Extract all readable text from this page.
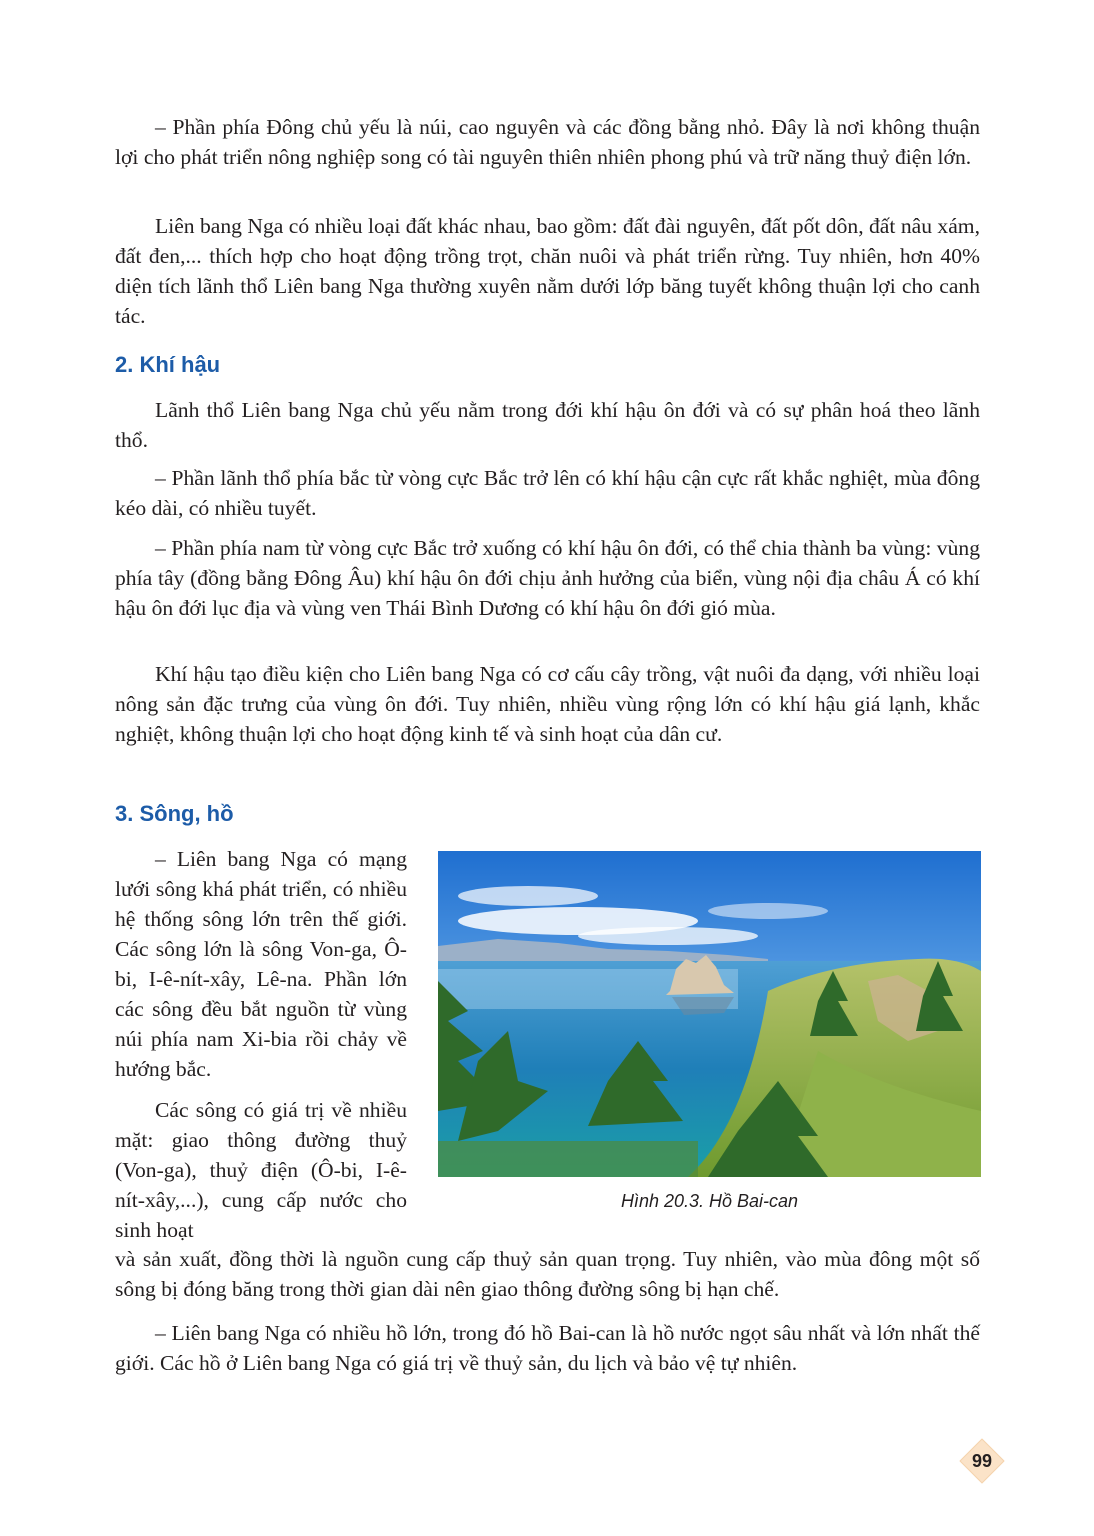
– Phần phía Đông chủ yếu là núi, cao nguyên và các đồng bằng nhỏ. Đây là nơi không thuận lợi cho phát triển nông nghiệp song có tài nguyên thiên nhiên phong phú và trữ năng thuỷ điện lớn.

Liên bang Nga có nhiều loại đất khác nhau, bao gồm: đất đài nguyên, đất pốt dôn, đất nâu xám, đất đen,... thích hợp cho hoạt động trồng trọt, chăn nuôi và phát triển rừng. Tuy nhiên, hơn 40% diện tích lãnh thổ Liên bang Nga thường xuyên nằm dưới lớp băng tuyết không thuận lợi cho canh tác.

2. Khí hậu

Lãnh thổ Liên bang Nga chủ yếu nằm trong đới khí hậu ôn đới và có sự phân hoá theo lãnh thổ.

– Phần lãnh thổ phía bắc từ vòng cực Bắc trở lên có khí hậu cận cực rất khắc nghiệt, mùa đông kéo dài, có nhiều tuyết.

– Phần phía nam từ vòng cực Bắc trở xuống có khí hậu ôn đới, có thể chia thành ba vùng: vùng phía tây (đồng bằng Đông Âu) khí hậu ôn đới chịu ảnh hưởng của biển, vùng nội địa châu Á có khí hậu ôn đới lục địa và vùng ven Thái Bình Dương có khí hậu ôn đới gió mùa.

Khí hậu tạo điều kiện cho Liên bang Nga có cơ cấu cây trồng, vật nuôi đa dạng, với nhiều loại nông sản đặc trưng của vùng ôn đới. Tuy nhiên, nhiều vùng rộng lớn có khí hậu giá lạnh, khắc nghiệt, không thuận lợi cho hoạt động kinh tế và sinh hoạt của dân cư.

3. Sông, hồ

– Liên bang Nga có mạng lưới sông khá phát triển, có nhiều hệ thống sông lớn trên thế giới. Các sông lớn là sông Von-ga, Ô-bi, I-ê-nít-xây, Lê-na. Phần lớn các sông đều bắt nguồn từ vùng núi phía nam Xi-bia rồi chảy về hướng bắc.

Các sông có giá trị về nhiều mặt: giao thông đường thuỷ (Von-ga), thuỷ điện (Ô-bi, I-ê-nít-xây,...), cung cấp nước cho sinh hoạt

và sản xuất, đồng thời là nguồn cung cấp thuỷ sản quan trọng. Tuy nhiên, vào mùa đông một số sông bị đóng băng trong thời gian dài nên giao thông đường sông bị hạn chế.

– Liên bang Nga có nhiều hồ lớn, trong đó hồ Bai-can là hồ nước ngọt sâu nhất và lớn nhất thế giới. Các hồ ở Liên bang Nga có giá trị về thuỷ sản, du lịch và bảo vệ tự nhiên.

Hình 20.3. Hồ Bai-can

99
